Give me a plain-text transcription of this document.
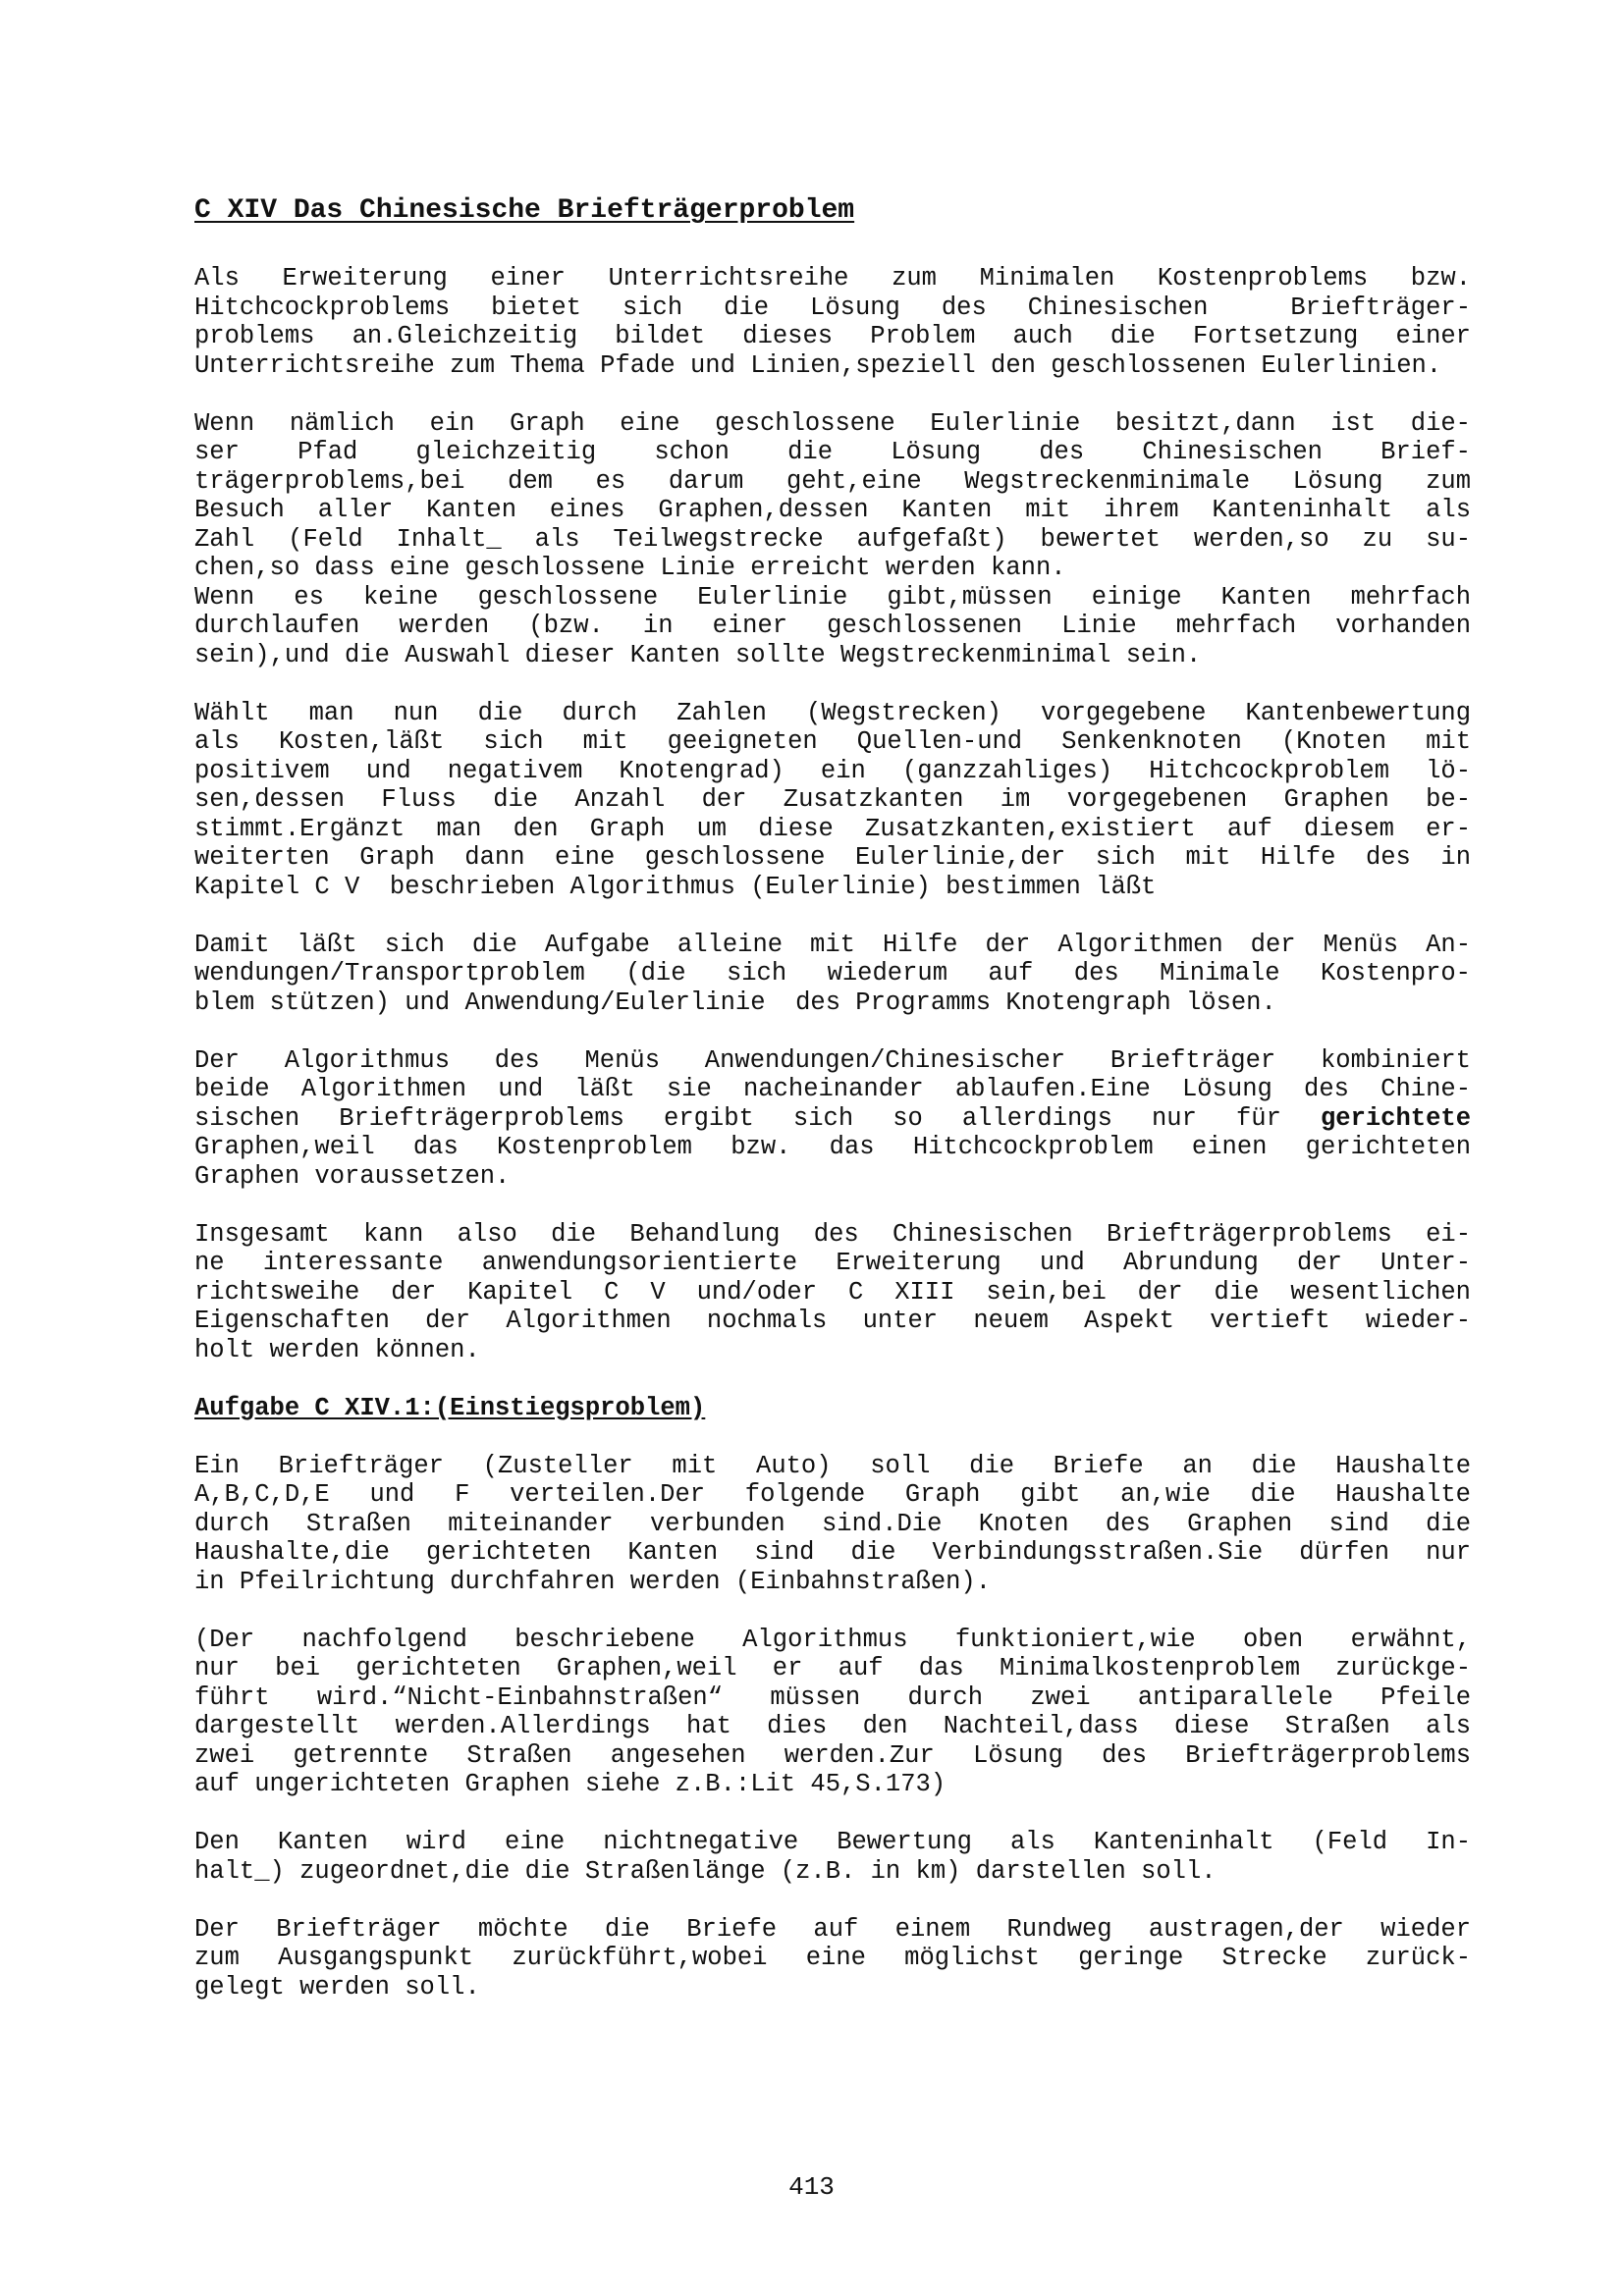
C XIV Das Chinesische Briefträgerproblem
Als Erweiterung einer Unterrichtsreihe zum Minimalen Kostenproblems bzw.
Hitchcockproblems bietet sich die Lösung des Chinesischen  Briefträger-
problems an.Gleichzeitig bildet dieses Problem auch die Fortsetzung einer
Unterrichtsreihe zum Thema Pfade und Linien,speziell den geschlossenen Eulerlinien.
Wenn nämlich ein Graph eine geschlossene Eulerlinie besitzt,dann ist die-
ser Pfad gleichzeitig schon die Lösung des Chinesischen Brief-
trägerproblems,bei dem es darum geht,eine Wegstreckenminimale Lösung zum
Besuch aller Kanten eines Graphen,dessen Kanten mit ihrem Kanteninhalt als
Zahl (Feld Inhalt_ als Teilwegstrecke aufgefaßt) bewertet werden,so zu su-
chen,so dass eine geschlossene Linie erreicht werden kann.
Wenn es keine geschlossene Eulerlinie gibt,müssen einige Kanten mehrfach
durchlaufen werden (bzw. in einer geschlossenen Linie mehrfach vorhanden
sein),und die Auswahl dieser Kanten sollte Wegstreckenminimal sein.
Wählt man nun die durch Zahlen (Wegstrecken) vorgegebene Kantenbewertung
als Kosten,läßt sich mit geeigneten Quellen-und Senkenknoten (Knoten mit
positivem und negativem Knotengrad) ein (ganzzahliges) Hitchcockproblem lö-
sen,dessen Fluss die Anzahl der Zusatzkanten im vorgegebenen Graphen be-
stimmt.Ergänzt man den Graph um diese Zusatzkanten,existiert auf diesem er-
weiterten Graph dann eine geschlossene Eulerlinie,der sich mit Hilfe des in
Kapitel C V  beschrieben Algorithmus (Eulerlinie) bestimmen läßt
Damit läßt sich die Aufgabe alleine mit Hilfe der Algorithmen der Menüs An-
wendungen/Transportproblem (die sich wiederum auf des Minimale Kostenpro-
blem stützen) und Anwendung/Eulerlinie  des Programms Knotengraph lösen.
Der Algorithmus des Menüs Anwendungen/Chinesischer Briefträger kombiniert
beide Algorithmen und läßt sie nacheinander ablaufen.Eine Lösung des Chine-
sischen Briefträgerproblems ergibt sich so allerdings nur für gerichtete
Graphen,weil das Kostenproblem bzw. das Hitchcockproblem einen gerichteten
Graphen voraussetzen.
Insgesamt kann also die Behandlung des Chinesischen Briefträgerproblems ei-
ne interessante anwendungsorientierte Erweiterung und Abrundung der Unter-
richtsweihe der Kapitel C V und/oder C XIII sein,bei der die wesentlichen
Eigenschaften der Algorithmen nochmals unter neuem Aspekt vertieft wieder-
holt werden können.
Aufgabe C XIV.1:(Einstiegsproblem)
Ein Briefträger (Zusteller mit Auto) soll die Briefe an die Haushalte
A,B,C,D,E und F verteilen.Der folgende Graph gibt an,wie die Haushalte
durch Straßen miteinander verbunden sind.Die Knoten des Graphen sind die
Haushalte,die gerichteten Kanten sind die Verbindungsstraßen.Sie dürfen nur
in Pfeilrichtung durchfahren werden (Einbahnstraßen).
(Der nachfolgend beschriebene Algorithmus funktioniert,wie oben erwähnt,
nur bei gerichteten Graphen,weil er auf das Minimalkostenproblem zurückge-
führt wird.“Nicht-Einbahnstraßen“ müssen durch zwei antiparallele Pfeile
dargestellt werden.Allerdings hat dies den Nachteil,dass diese Straßen als
zwei getrennte Straßen angesehen werden.Zur Lösung des Briefträgerproblems
auf ungerichteten Graphen siehe z.B.:Lit 45,S.173)
Den Kanten wird eine nichtnegative Bewertung als Kanteninhalt (Feld In-
halt_) zugeordnet,die die Straßenlänge (z.B. in km) darstellen soll.
Der Briefträger möchte die Briefe auf einem Rundweg austragen,der wieder
zum Ausgangspunkt zurückführt,wobei eine möglichst geringe Strecke zurück-
gelegt werden soll.
413
